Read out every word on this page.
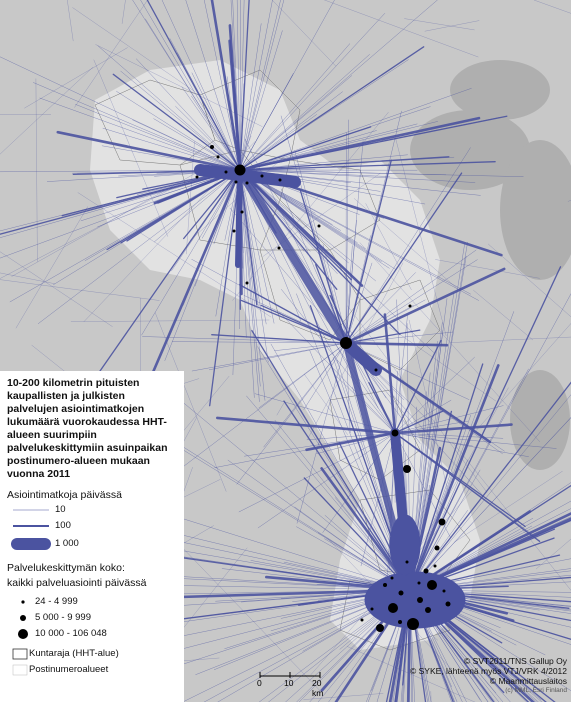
10-200 kilometrin pituisten kaupallisten ja julkisten palvelujen asiointimatkojen lukumäärä vuorokaudessa HHT-alueen suurimpiin palvelukeskittymiin asuinpaikan postinumero-alueen mukaan vuonna 2011

Asiointimatkoja päivässä
10
100
1 000
Palvelukeskittymän koko:
kaikki palveluasiointi päivässä
24 - 4 999
5 000 - 9 999
10 000 - 106 048
Kuntaraja (HHT-alue)
Postinumeroalueet
0	10 20 km
© SVT2011/TNS Gallup Oy
© SYKE, lähteenä myös VTJ/VRK 4/2012
© Maanmittauslaitos
(c) MML, Esri Finland
